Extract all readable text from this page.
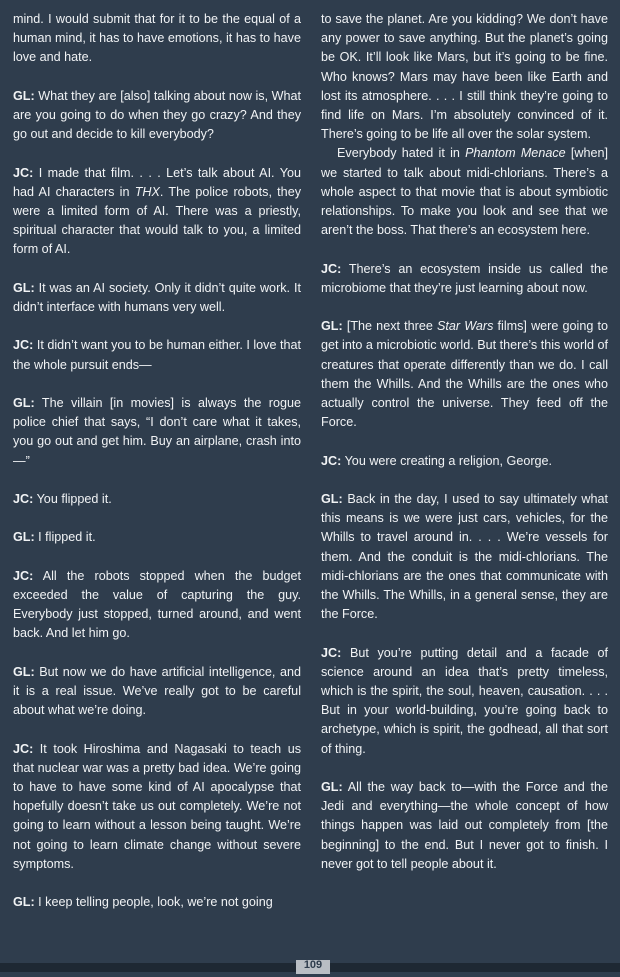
mind. I would submit that for it to be the equal of a human mind, it has to have emotions, it has to have love and hate.

GL: What they are [also] talking about now is, What are you going to do when they go crazy? And they go out and decide to kill everybody?

JC: I made that film. . . . Let’s talk about AI. You had AI characters in THX. The police robots, they were a limited form of AI. There was a priestly, spiritual character that would talk to you, a limited form of AI.

GL: It was an AI society. Only it didn’t quite work. It didn’t interface with humans very well.

JC: It didn’t want you to be human either. I love that the whole pursuit ends—

GL: The villain [in movies] is always the rogue police chief that says, “I don’t care what it takes, you go out and get him. Buy an airplane, crash into—”

JC: You flipped it.

GL: I flipped it.

JC: All the robots stopped when the budget exceeded the value of capturing the guy. Everybody just stopped, turned around, and went back. And let him go.

GL: But now we do have artificial intelligence, and it is a real issue. We’ve really got to be careful about what we’re doing.

JC: It took Hiroshima and Nagasaki to teach us that nuclear war was a pretty bad idea. We’re going to have to have some kind of AI apocalypse that hopefully doesn’t take us out completely. We’re not going to learn without a lesson being taught. We’re not going to learn climate change without severe symptoms.

GL: I keep telling people, look, we’re not going

to save the planet. Are you kidding? We don’t have any power to save anything. But the planet’s going be OK. It’ll look like Mars, but it’s going to be fine. Who knows? Mars may have been like Earth and lost its atmosphere. . . . I still think they’re going to find life on Mars. I’m absolutely convinced of it. There’s going to be life all over the solar system.

Everybody hated it in Phantom Menace [when] we started to talk about midi-chlorians. There’s a whole aspect to that movie that is about symbiotic relationships. To make you look and see that we aren’t the boss. That there’s an ecosystem here.

JC: There’s an ecosystem inside us called the microbiome that they’re just learning about now.

GL: [The next three Star Wars films] were going to get into a microbiotic world. But there’s this world of creatures that operate differently than we do. I call them the Whills. And the Whills are the ones who actually control the universe. They feed off the Force.

JC: You were creating a religion, George.

GL: Back in the day, I used to say ultimately what this means is we were just cars, vehicles, for the Whills to travel around in. . . . We’re vessels for them. And the conduit is the midi-chlorians. The midi-chlorians are the ones that communicate with the Whills. The Whills, in a general sense, they are the Force.

JC: But you’re putting detail and a facade of science around an idea that’s pretty timeless, which is the spirit, the soul, heaven, causation. . . . But in your world-building, you’re going back to archetype, which is spirit, the godhead, all that sort of thing.

GL: All the way back to—with the Force and the Jedi and everything—the whole concept of how things happen was laid out completely from [the beginning] to the end. But I never got to finish. I never got to tell people about it.

109
